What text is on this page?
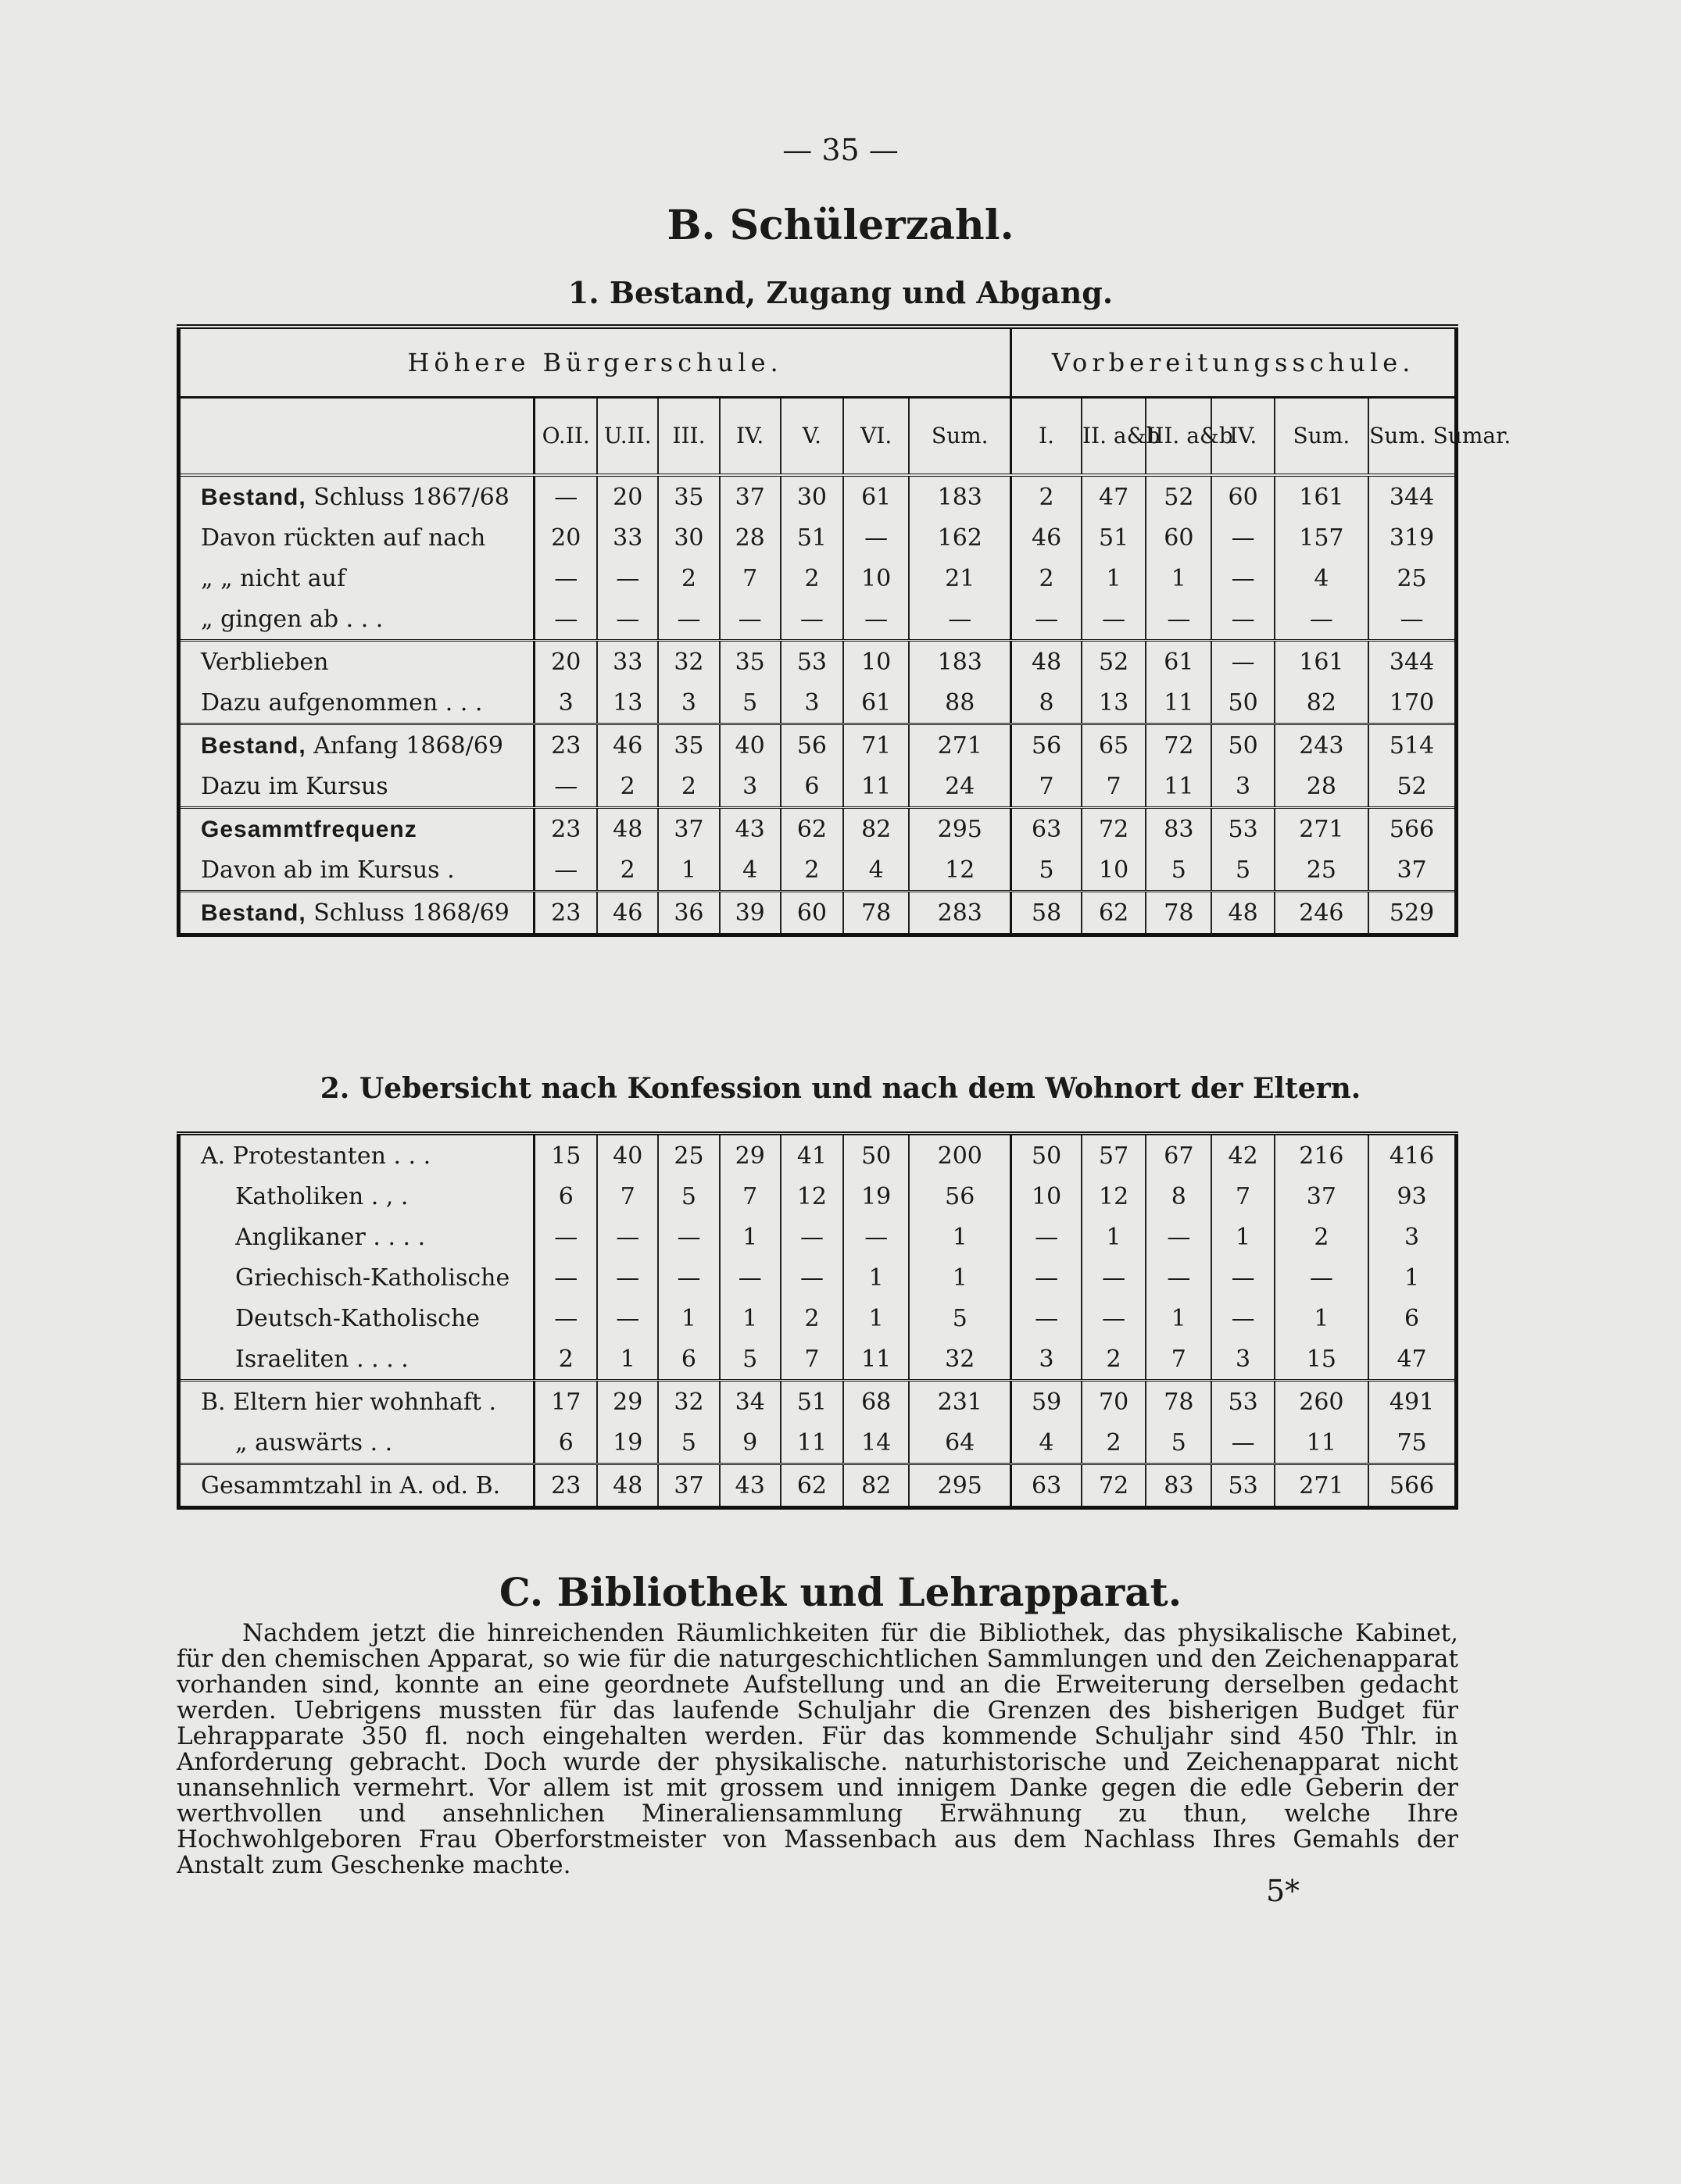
— 35 —
B. Schülerzahl.
1. Bestand, Zugang und Abgang.
Höhere Bürgerschule.								Vorbereitungsschule.					
	O.II.	U.II.	III.	IV.	V.	VI.	Sum.	I.	II. a&b	III. a&b	IV.	Sum.	Sum. Sumar.
Bestand, Schluss 1867/68	—	20	35	37	30	61	183	2	47	52	60	161	344
Davon rückten auf nach	20	33	30	28	51	—	162	46	51	60	—	157	319
„ „ nicht auf	—	—	2	7	2	10	21	2	1	1	—	4	25
„ gingen ab . . .	—	—	—	—	—	—	—	—	—	—	—	—	—
Verblieben	20	33	32	35	53	10	183	48	52	61	—	161	344
Dazu aufgenommen . . .	3	13	3	5	3	61	88	8	13	11	50	82	170
Bestand, Anfang 1868/69	23	46	35	40	56	71	271	56	65	72	50	243	514
Dazu im Kursus	—	2	2	3	6	11	24	7	7	11	3	28	52
Gesammtfrequenz	23	48	37	43	62	82	295	63	72	83	53	271	566
Davon ab im Kursus .	—	2	1	4	2	4	12	5	10	5	5	25	37
Bestand, Schluss 1868/69	23	46	36	39	60	78	283	58	62	78	48	246	529
2. Uebersicht nach Konfession und nach dem Wohnort der Eltern.
A. Protestanten . . .	15	40	25	29	41	50	200	50	57	67	42	216	416
Katholiken . , .	6	7	5	7	12	19	56	10	12	8	7	37	93
Anglikaner . . . .	—	—	—	1	—	—	1	—	1	—	1	2	3
Griechisch-Katholische	—	—	—	—	—	1	1	—	—	—	—	—	1
Deutsch-Katholische	—	—	1	1	2	1	5	—	—	1	—	1	6
Israeliten . . . .	2	1	6	5	7	11	32	3	2	7	3	15	47
B. Eltern hier wohnhaft .	17	29	32	34	51	68	231	59	70	78	53	260	491
„ auswärts . .	6	19	5	9	11	14	64	4	2	5	—	11	75
Gesammtzahl in A. od. B.	23	48	37	43	62	82	295	63	72	83	53	271	566
C. Bibliothek und Lehrapparat.
Nachdem jetzt die hinreichenden Räumlichkeiten für die Bibliothek, das physikalische Kabinet, für den chemischen Apparat, so wie für die naturgeschichtlichen Sammlungen und den Zeichenapparat vorhanden sind, konnte an eine geordnete Aufstellung und an die Erweiterung derselben gedacht werden. Uebrigens mussten für das laufende Schuljahr die Grenzen des bisherigen Budget für Lehrapparate 350 fl. noch eingehalten werden. Für das kommende Schuljahr sind 450 Thlr. in Anforderung gebracht. Doch wurde der physikalische. naturhistorische und Zeichenapparat nicht unansehnlich vermehrt. Vor allem ist mit grossem und innigem Danke gegen die edle Geberin der werthvollen und ansehnlichen Mineraliensammlung Erwähnung zu thun, welche Ihre Hochwohlgeboren Frau Oberforstmeister von Massenbach aus dem Nachlass Ihres Gemahls der Anstalt zum Geschenke machte.
5*
